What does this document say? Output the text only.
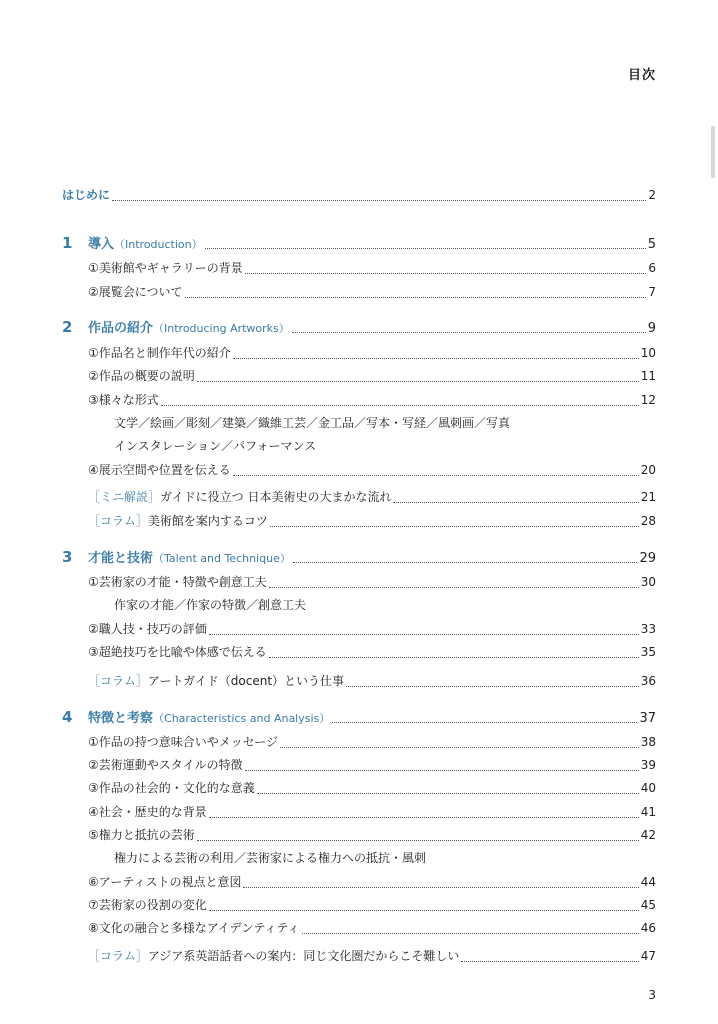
目次
はじめに	2
1 導入（Introduction）	5
①美術館やギャラリーの背景	6
②展覧会について	7
2 作品の紹介（Introducing Artworks）	9
①作品名と制作年代の紹介	10
②作品の概要の説明	11
③様々な形式	12
文学／絵画／彫刻／建築／織維工芸／金工品／写本・写経／風刺画／写真
インスタレーション／パフォーマンス
④展示空間や位置を伝える	20
［ミニ解説］ガイドに役立つ 日本美術史の大まかな流れ	21
［コラム］美術館を案内するコツ	28
3 才能と技術（Talent and Technique）	29
①芸術家の才能・特徴や創意工夫	30
作家の才能／作家の特徴／創意工夫
②職人技・技巧の評価	33
③超絶技巧を比喩や体感で伝える	35
［コラム］アートガイド（docent）という仕事	36
4 特徴と考察（Characteristics and Analysis）	37
①作品の持つ意味合いやメッセージ	38
②芸術運動やスタイルの特徴	39
③作品の社会的・文化的な意義	40
④社会・歴史的な背景	41
⑤権力と抵抗の芸術	42
権力による芸術の利用／芸術家による権力への抵抗・風刺
⑥アーティストの視点と意図	44
⑦芸術家の役割の変化	45
⑧文化の融合と多様なアイデンティティ	46
［コラム］アジア系英語話者への案内：同じ文化圏だからこそ難しい	47
3
